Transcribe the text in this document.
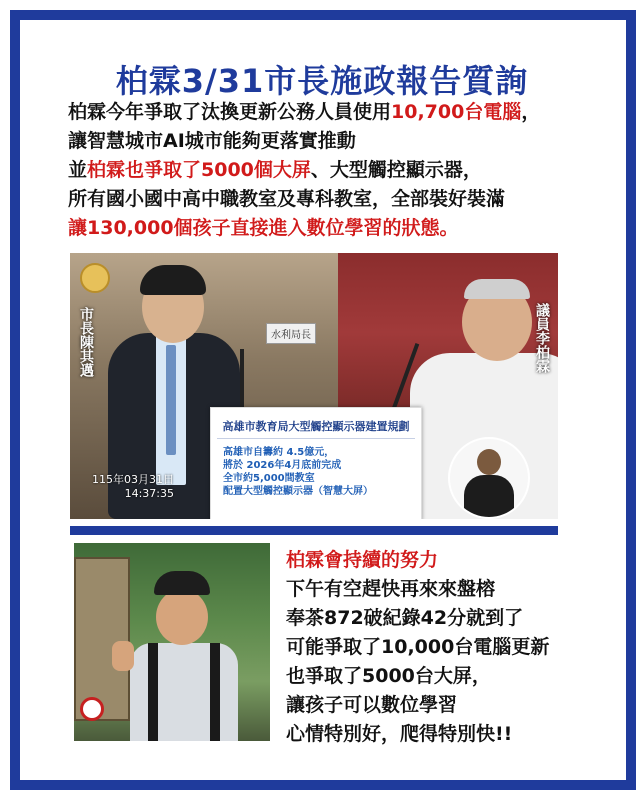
柏霖3/31市長施政報告質詢
柏霖今年爭取了汰換更新公務人員使用10,700台電腦，
讓智慧城市AI城市能夠更落實推動
並柏霖也爭取了5000個大屏、大型觸控顯示器，
所有國小國中高中職教室及專科教室，全部裝好裝滿
讓130,000個孩子直接進入數位學習的狀態。
市長陳其邁	議員李柏霖
水利局長
高雄市教育局大型觸控顯示器建置規劃
高雄市自籌約 4.5億元，
將於 2026年4月底前完成
全市約5,000間教室
配置大型觸控顯示器（智慧大屏）
115年03月31日
14:37:35
柏霖會持續的努力
下午有空趕快再來來盤榕
奉茶872破紀錄42分就到了
可能爭取了10,000台電腦更新
也爭取了5000台大屏，
讓孩子可以數位學習
心情特別好，爬得特別快!!
